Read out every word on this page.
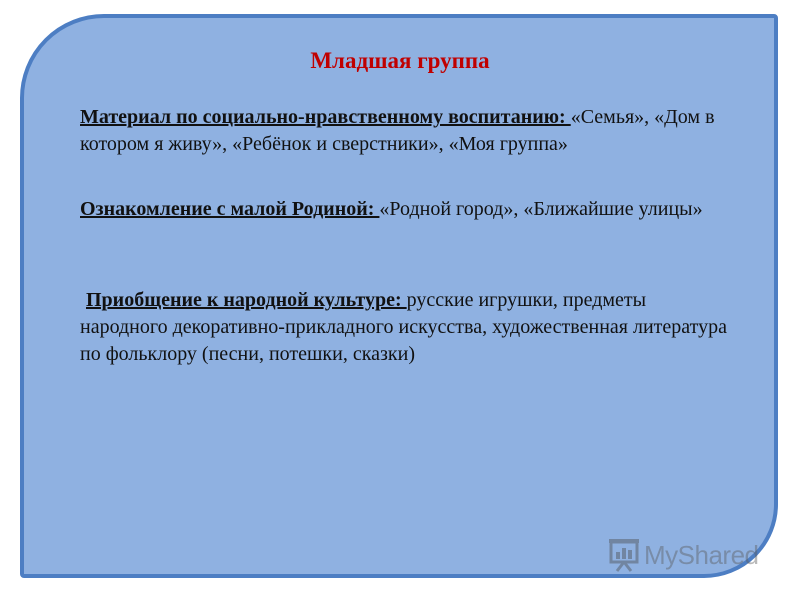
Младшая группа

Материал по социально-нравственному воспитанию: «Семья», «Дом в котором я живу», «Ребёнок и сверстники», «Моя группа»

Ознакомление с малой Родиной: «Родной город», «Ближайшие улицы»

Приобщение к народной культуре: русские игрушки, предметы народного декоративно-прикладного искусства, художественная литература по фольклору (песни, потешки, сказки)

MyShared
